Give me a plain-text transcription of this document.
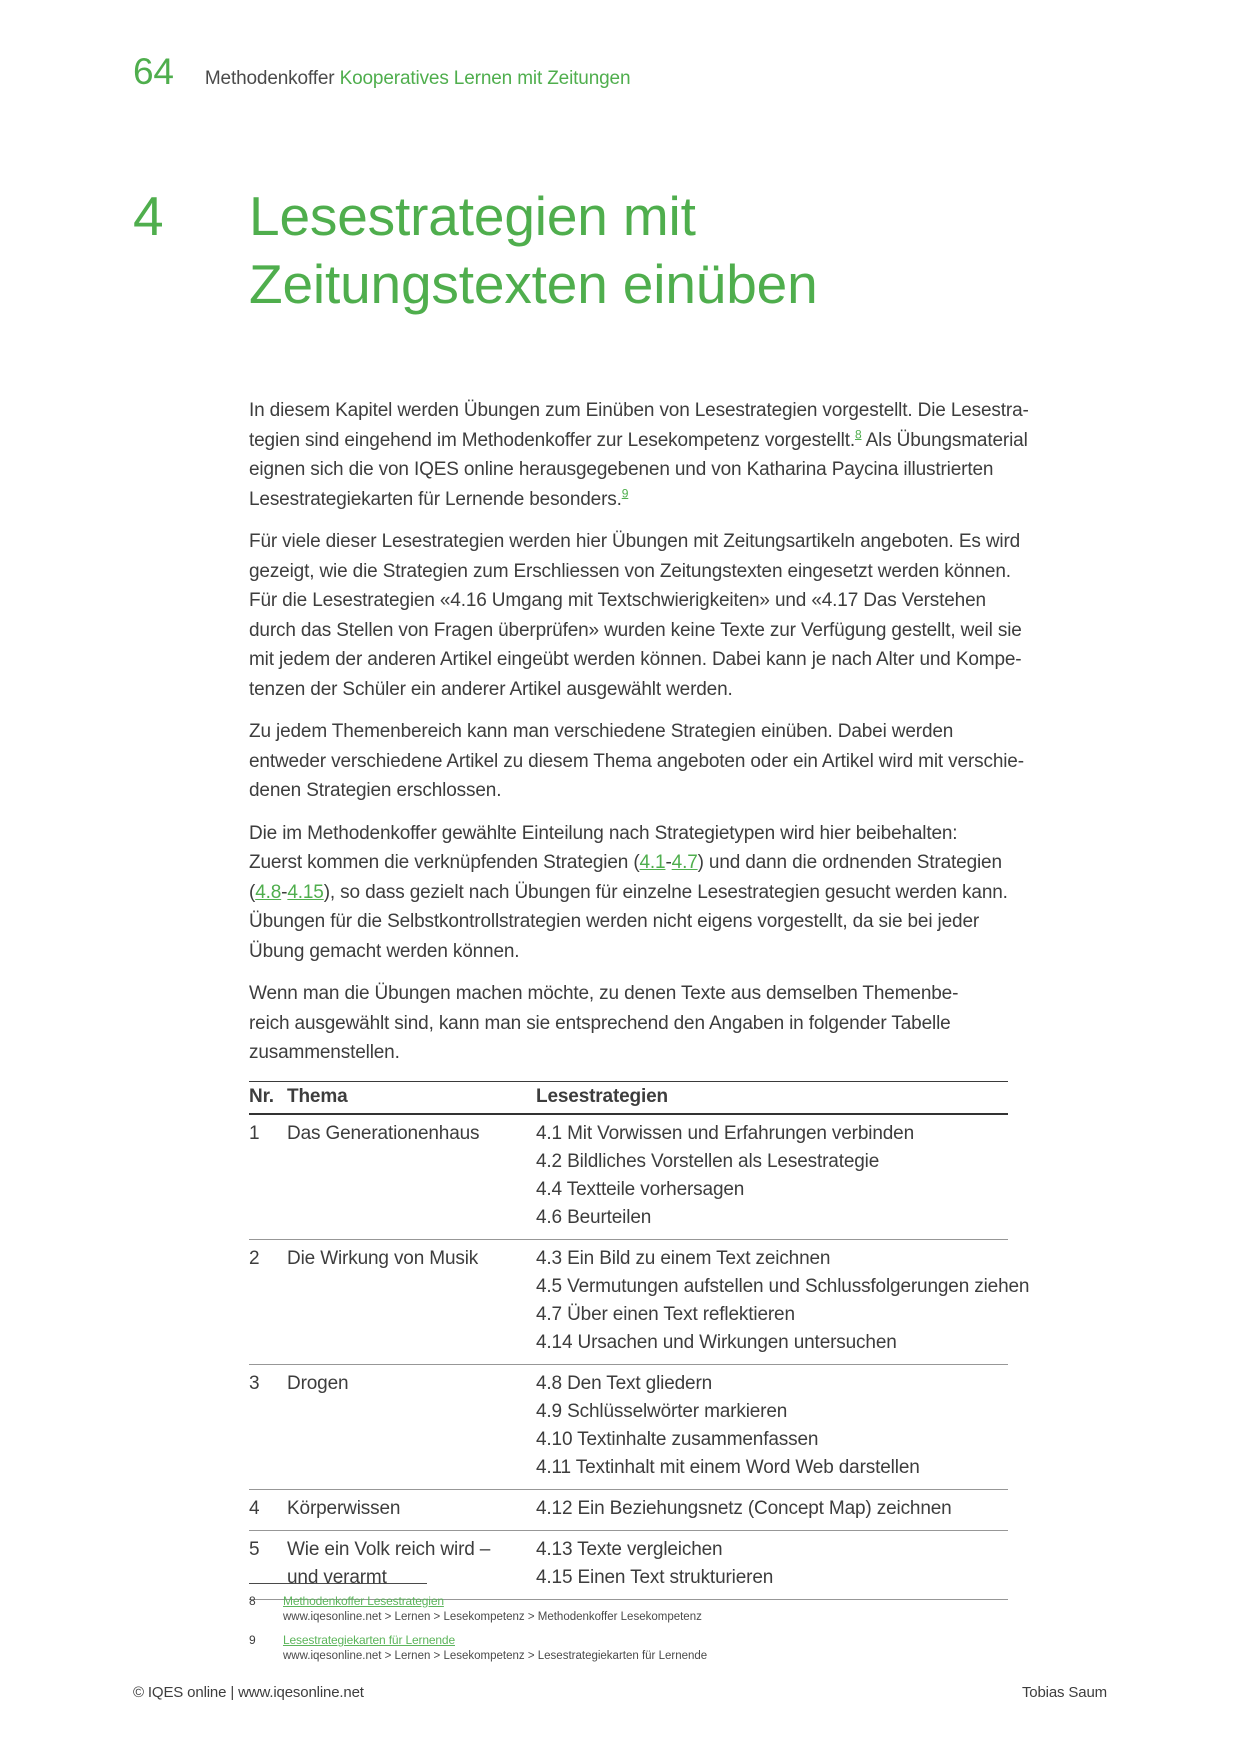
64 Methodenkoffer Kooperatives Lernen mit Zeitungen
4	Lesestrategien mit
Zeitungstexten einüben

In diesem Kapitel werden Übungen zum Einüben von Lesestrategien vorgestellt. Die Lesestra-
tegien sind eingehend im Methodenkoffer zur Lesekompetenz vorgestellt.$^8$ Als Übungsmaterial
eignen sich die von IQES online herausgegebenen und von Katharina Paycina illustrierten
Lesestrategiekarten für Lernende besonders.$^9$

Für viele dieser Lesestrategien werden hier Übungen mit Zeitungsartikeln angeboten. Es wird
gezeigt, wie die Strategien zum Erschliessen von Zeitungstexten eingesetzt werden können.
Für die Lesestrategien «4.16 Umgang mit Textschwierigkeiten» und «4.17 Das Verstehen
durch das Stellen von Fragen überprüfen» wurden keine Texte zur Verfügung gestellt, weil sie
mit jedem der anderen Artikel eingeübt werden können. Dabei kann je nach Alter und Kompe-
tenzen der Schüler ein anderer Artikel ausgewählt werden.

Zu jedem Themenbereich kann man verschiedene Strategien einüben. Dabei werden
entweder verschiedene Artikel zu diesem Thema angeboten oder ein Artikel wird mit verschie-
denen Strategien erschlossen.

Die im Methodenkoffer gewählte Einteilung nach Strategietypen wird hier beibehalten:
Zuerst kommen die verknüpfenden Strategien (4.1-4.7) und dann die ordnenden Strategien
(4.8-4.15), so dass gezielt nach Übungen für einzelne Lesestrategien gesucht werden kann.
Übungen für die Selbstkontrollstrategien werden nicht eigens vorgestellt, da sie bei jeder
Übung gemacht werden können.

Wenn man die Übungen machen möchte, zu denen Texte aus demselben Themenbe-
reich ausgewählt sind, kann man sie entsprechend den Angaben in folgender Tabelle
zusammenstellen.

Nr. Thema	Lesestrategien
1	Das Generationenhaus	4.1 Mit Vorwissen und Erfahrungen verbinden
4.2 Bildliches Vorstellen als Lesestrategie
4.4 Textteile vorhersagen
4.6 Beurteilen
2	Die Wirkung von Musik	4.3 Ein Bild zu einem Text zeichnen
4.5 Vermutungen aufstellen und Schlussfolgerungen ziehen
4.7 Über einen Text reflektieren
4.14 Ursachen und Wirkungen untersuchen
3	Drogen	4.8 Den Text gliedern
4.9 Schlüsselwörter markieren
4.10 Textinhalte zusammenfassen
4.11 Textinhalt mit einem Word Web darstellen
4	Körperwissen	4.12 Ein Beziehungsnetz (Concept Map) zeichnen
5	Wie ein Volk reich wird –
und verarmt
4.13 Texte vergleichen
4.15 Einen Text strukturieren
8	Methodenkoffer Lesestrategien
www.iqesonline.net > Lernen > Lesekompetenz > Methodenkoffer Lesekompetenz
9	Lesestrategiekarten für Lernende
www.iqesonline.net > Lernen > Lesekompetenz > Lesestrategiekarten für Lernende
© IQES online | www.iqesonline.net	Tobias Saum
